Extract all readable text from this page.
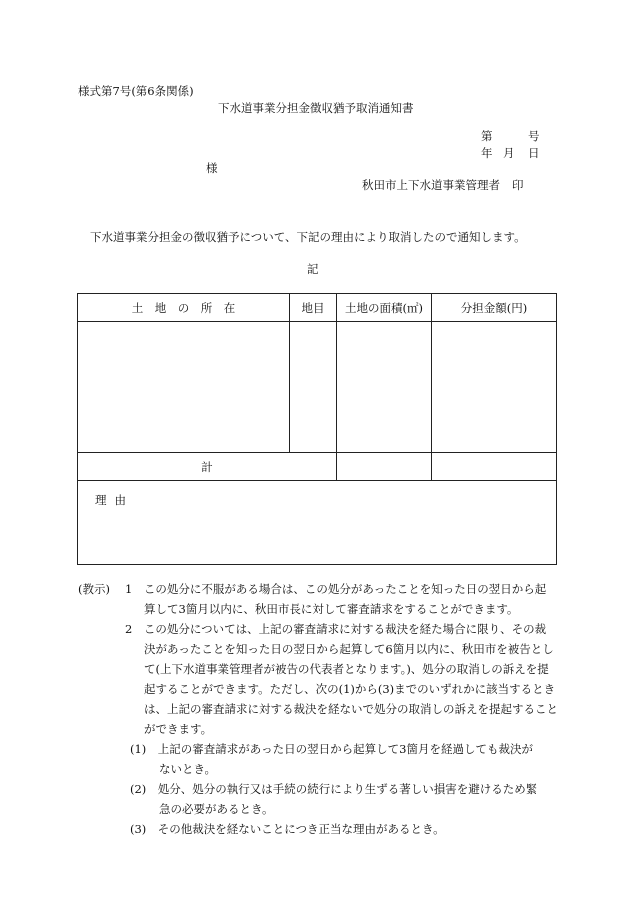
様式第7号(第6条関係)
下水道事業分担金徴収猶予取消通知書
第	号
年 月 日
様
秋田市上下水道事業管理者 印
下水道事業分担金の徴収猶予について、下記の理由により取消したので通知します。
記
土　地　の　所　在	地目	土地の面積(㎡)	分担金額(円)

計			
理由			
(教示) 1　この処分に不服がある場合は、この処分があったことを知った日の翌日から起
算して3箇月以内に、秋田市長に対して審査請求をすることができます。
2　この処分については、上記の審査請求に対する裁決を経た場合に限り、その裁
決があったことを知った日の翌日から起算して6箇月以内に、秋田市を被告とし
て(上下水道事業管理者が被告の代表者となります。)、処分の取消しの訴えを提
起することができます。ただし、次の(1)から(3)までのいずれかに該当するとき
は、上記の審査請求に対する裁決を経ないで処分の取消しの訴えを提起すること
ができます。
(1)　上記の審査請求があった日の翌日から起算して3箇月を経過しても裁決が
ないとき。
(2)　処分、処分の執行又は手続の続行により生ずる著しい損害を避けるため緊
急の必要があるとき。
(3)　その他裁決を経ないことにつき正当な理由があるとき。
